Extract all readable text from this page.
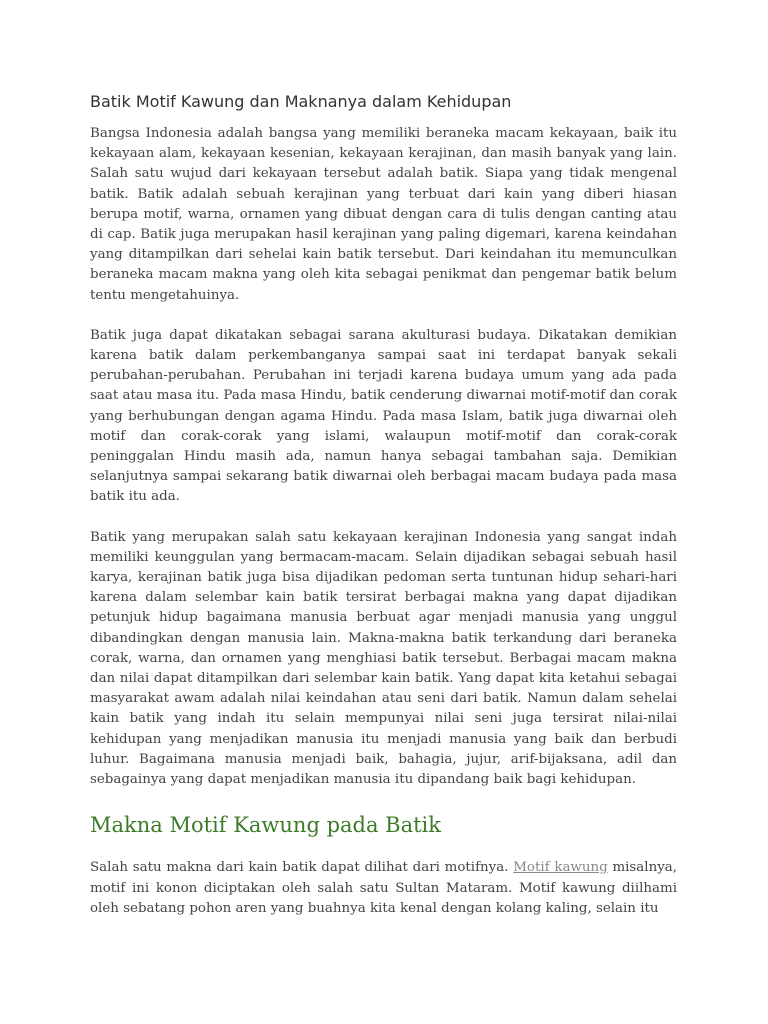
Batik Motif Kawung dan Maknanya dalam Kehidupan

Bangsa Indonesia adalah bangsa yang memiliki beraneka macam kekayaan, baik itu kekayaan alam, kekayaan kesenian, kekayaan kerajinan, dan masih banyak yang lain. Salah satu wujud dari kekayaan tersebut adalah batik. Siapa yang tidak mengenal batik. Batik adalah sebuah kerajinan yang terbuat dari kain yang diberi hiasan berupa motif, warna, ornamen yang dibuat dengan cara di tulis dengan canting atau di cap. Batik juga merupakan hasil kerajinan yang paling digemari, karena keindahan yang ditampilkan dari sehelai kain batik tersebut. Dari keindahan itu memunculkan beraneka macam makna yang oleh kita sebagai penikmat dan pengemar batik belum tentu mengetahuinya.

Batik juga dapat dikatakan sebagai sarana akulturasi budaya. Dikatakan demikian karena batik dalam perkembanganya sampai saat ini terdapat banyak sekali perubahan-perubahan. Perubahan ini terjadi karena budaya umum yang ada pada saat atau masa itu. Pada masa Hindu, batik cenderung diwarnai motif-motif dan corak yang berhubungan dengan agama Hindu. Pada masa Islam, batik juga diwarnai oleh motif dan corak-corak yang islami, walaupun motif-motif dan corak-corak peninggalan Hindu masih ada, namun hanya sebagai tambahan saja. Demikian selanjutnya sampai sekarang batik diwarnai oleh berbagai macam budaya pada masa batik itu ada.

Batik yang merupakan salah satu kekayaan kerajinan Indonesia yang sangat indah memiliki keunggulan yang bermacam-macam. Selain dijadikan sebagai sebuah hasil karya, kerajinan batik juga bisa dijadikan pedoman serta tuntunan hidup sehari-hari karena dalam selembar kain batik tersirat berbagai makna yang dapat dijadikan petunjuk hidup bagaimana manusia berbuat agar menjadi manusia yang unggul dibandingkan dengan manusia lain. Makna-makna batik terkandung dari beraneka corak, warna, dan ornamen yang menghiasi batik tersebut. Berbagai macam makna dan nilai dapat ditampilkan dari selembar kain batik. Yang dapat kita ketahui sebagai masyarakat awam adalah nilai keindahan atau seni dari batik. Namun dalam sehelai kain batik yang indah itu selain mempunyai nilai seni juga tersirat nilai-nilai kehidupan yang menjadikan manusia itu menjadi manusia yang baik dan berbudi luhur. Bagaimana manusia menjadi baik, bahagia, jujur, arif-bijaksana, adil dan sebagainya yang dapat menjadikan manusia itu dipandang baik bagi kehidupan.

Makna Motif Kawung pada Batik

Salah satu makna dari kain batik dapat dilihat dari motifnya. Motif kawung misalnya, motif ini konon diciptakan oleh salah satu Sultan Mataram. Motif kawung diilhami oleh sebatang pohon aren yang buahnya kita kenal dengan kolang kaling, selain itu
